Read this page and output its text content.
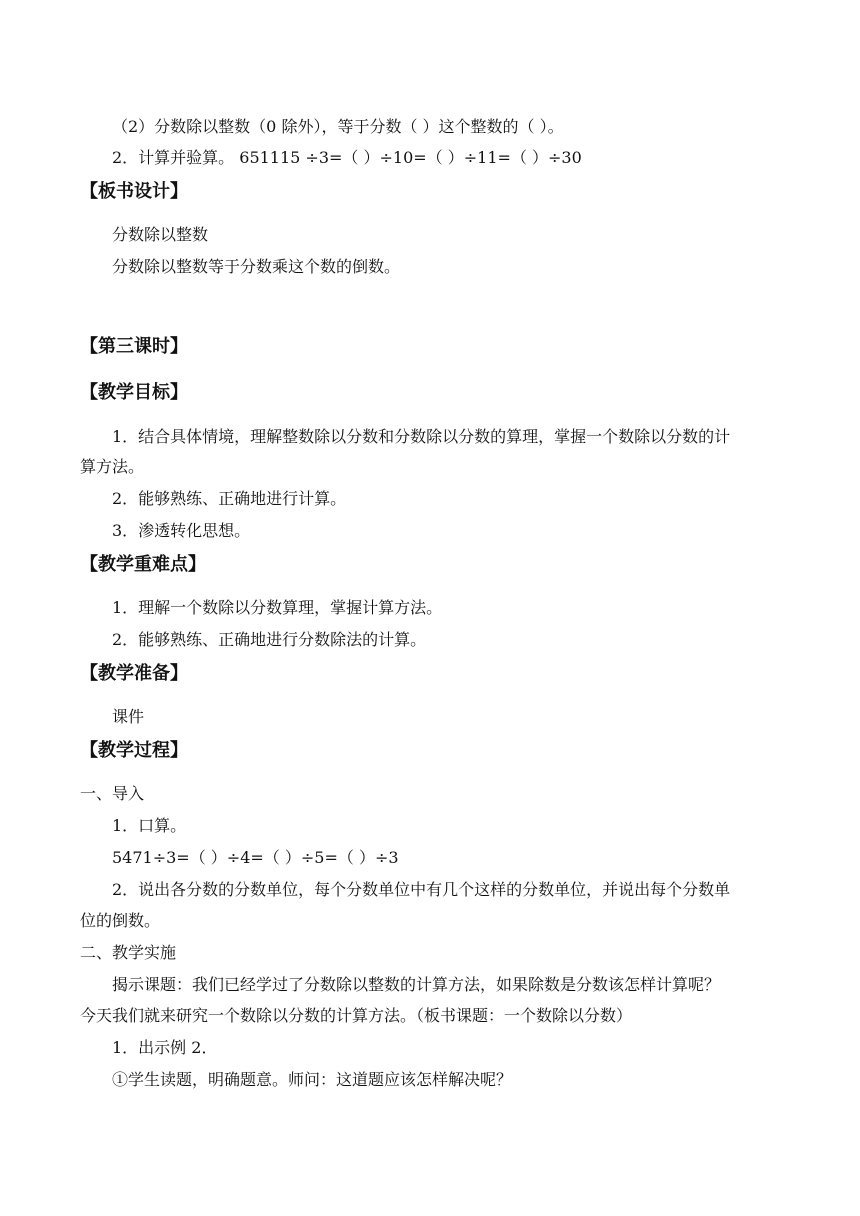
（2）分数除以整数（0 除外），等于分数（ ）这个整数的（ ）。
2．计算并验算。 651115 ÷3=（ ）÷10=（ ）÷11=（ ）÷30
【板书设计】
分数除以整数
分数除以整数等于分数乘这个数的倒数。
【第三课时】
【教学目标】
1．结合具体情境，理解整数除以分数和分数除以分数的算理，掌握一个数除以分数的计
算方法。
2．能够熟练、正确地进行计算。
3．渗透转化思想。
【教学重难点】
1．理解一个数除以分数算理，掌握计算方法。
2．能够熟练、正确地进行分数除法的计算。
【教学准备】
课件
【教学过程】
一、导入
1．口算。
5471÷3=（ ）÷4=（ ）÷5=（ ）÷3
2．说出各分数的分数单位，每个分数单位中有几个这样的分数单位，并说出每个分数单
位的倒数。
二、教学实施
揭示课题：我们已经学过了分数除以整数的计算方法，如果除数是分数该怎样计算呢？
今天我们就来研究一个数除以分数的计算方法。（板书课题：一个数除以分数）
1．出示例 2．
①学生读题，明确题意。师问：这道题应该怎样解决呢？
